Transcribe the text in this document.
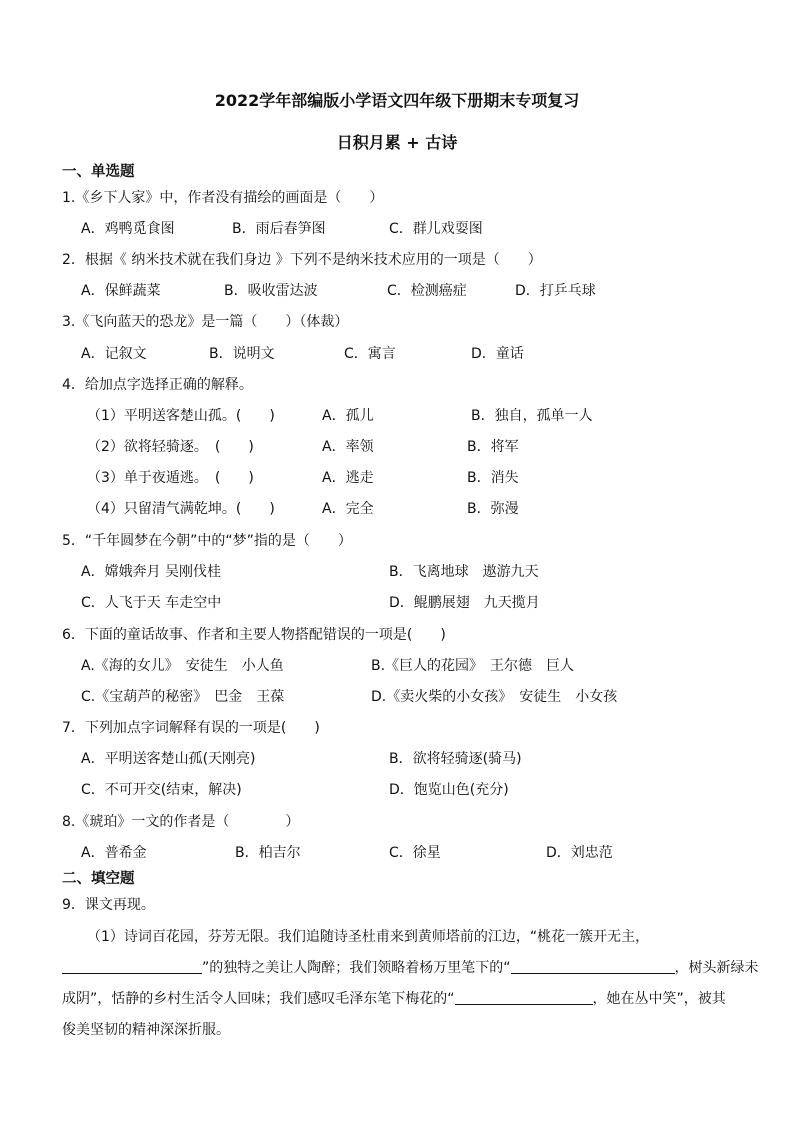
2022学年部编版小学语文四年级下册期末专项复习
日积月累 + 古诗
一、单选题
1.《乡下人家》中，作者没有描绘的画面是（　　）
A．鸡鸭觅食图	B．雨后春笋图	C．群儿戏耍图
2．根据《 纳米技术就在我们身边 》下列不是纳米技术应用的一项是（　　）
A．保鲜蔬菜	B．吸收雷达波	C．检测癌症	D．打乒乓球
3.《飞向蓝天的恐龙》是一篇（　　）（体裁）
A．记叙文	B．说明文	C．寓言	D．童话
4．给加点字选择正确的解释。
（1）平明送客楚山孤。(　　)	A．孤儿	B．独自，孤单一人
（2）欲将轻骑逐。　(　　)	A．率领	B．将军
（3）单于夜遁逃。　(　　)	A．逃走	B．消失
（4）只留清气满乾坤。(　　)	A．完全	B．弥漫
5．“千年圆梦在今朝”中的“梦”指的是（　　）
A．嫦娥奔月 吴刚伐桂	B．飞离地球　遨游九天
C．人飞于天 车走空中	D．鲲鹏展翅　九天揽月
6．下面的童话故事、作者和主要人物搭配错误的一项是(　　)
A.《海的女儿》　安徒生　小人鱼	B.《巨人的花园》　王尔德　巨人
C.《宝葫芦的秘密》　巴金　王葆	D.《卖火柴的小女孩》　安徒生　小女孩
7．下列加点字词解释有误的一项是(　　)
A．平明送客楚山孤(天刚亮)	B．欲将轻骑逐(骑马)
C．不可开交(结束，解决)	D．饱览山色(充分)
8.《琥珀》一文的作者是（　　　　）
A．普希金	B．柏吉尔	C．徐星	D．刘忠范
二、填空题
9．课文再现。
（1）诗词百花园，芬芳无限。我们追随诗圣杜甫来到黄师塔前的江边，“桃花一簇开无主，
”的独特之美让人陶醉；我们领略着杨万里笔下的“	，树头新绿未
成阴”，恬静的乡村生活令人回味；我们感叹毛泽东笔下梅花的“	，她在丛中笑”，被其
俊美坚韧的精神深深折服。
